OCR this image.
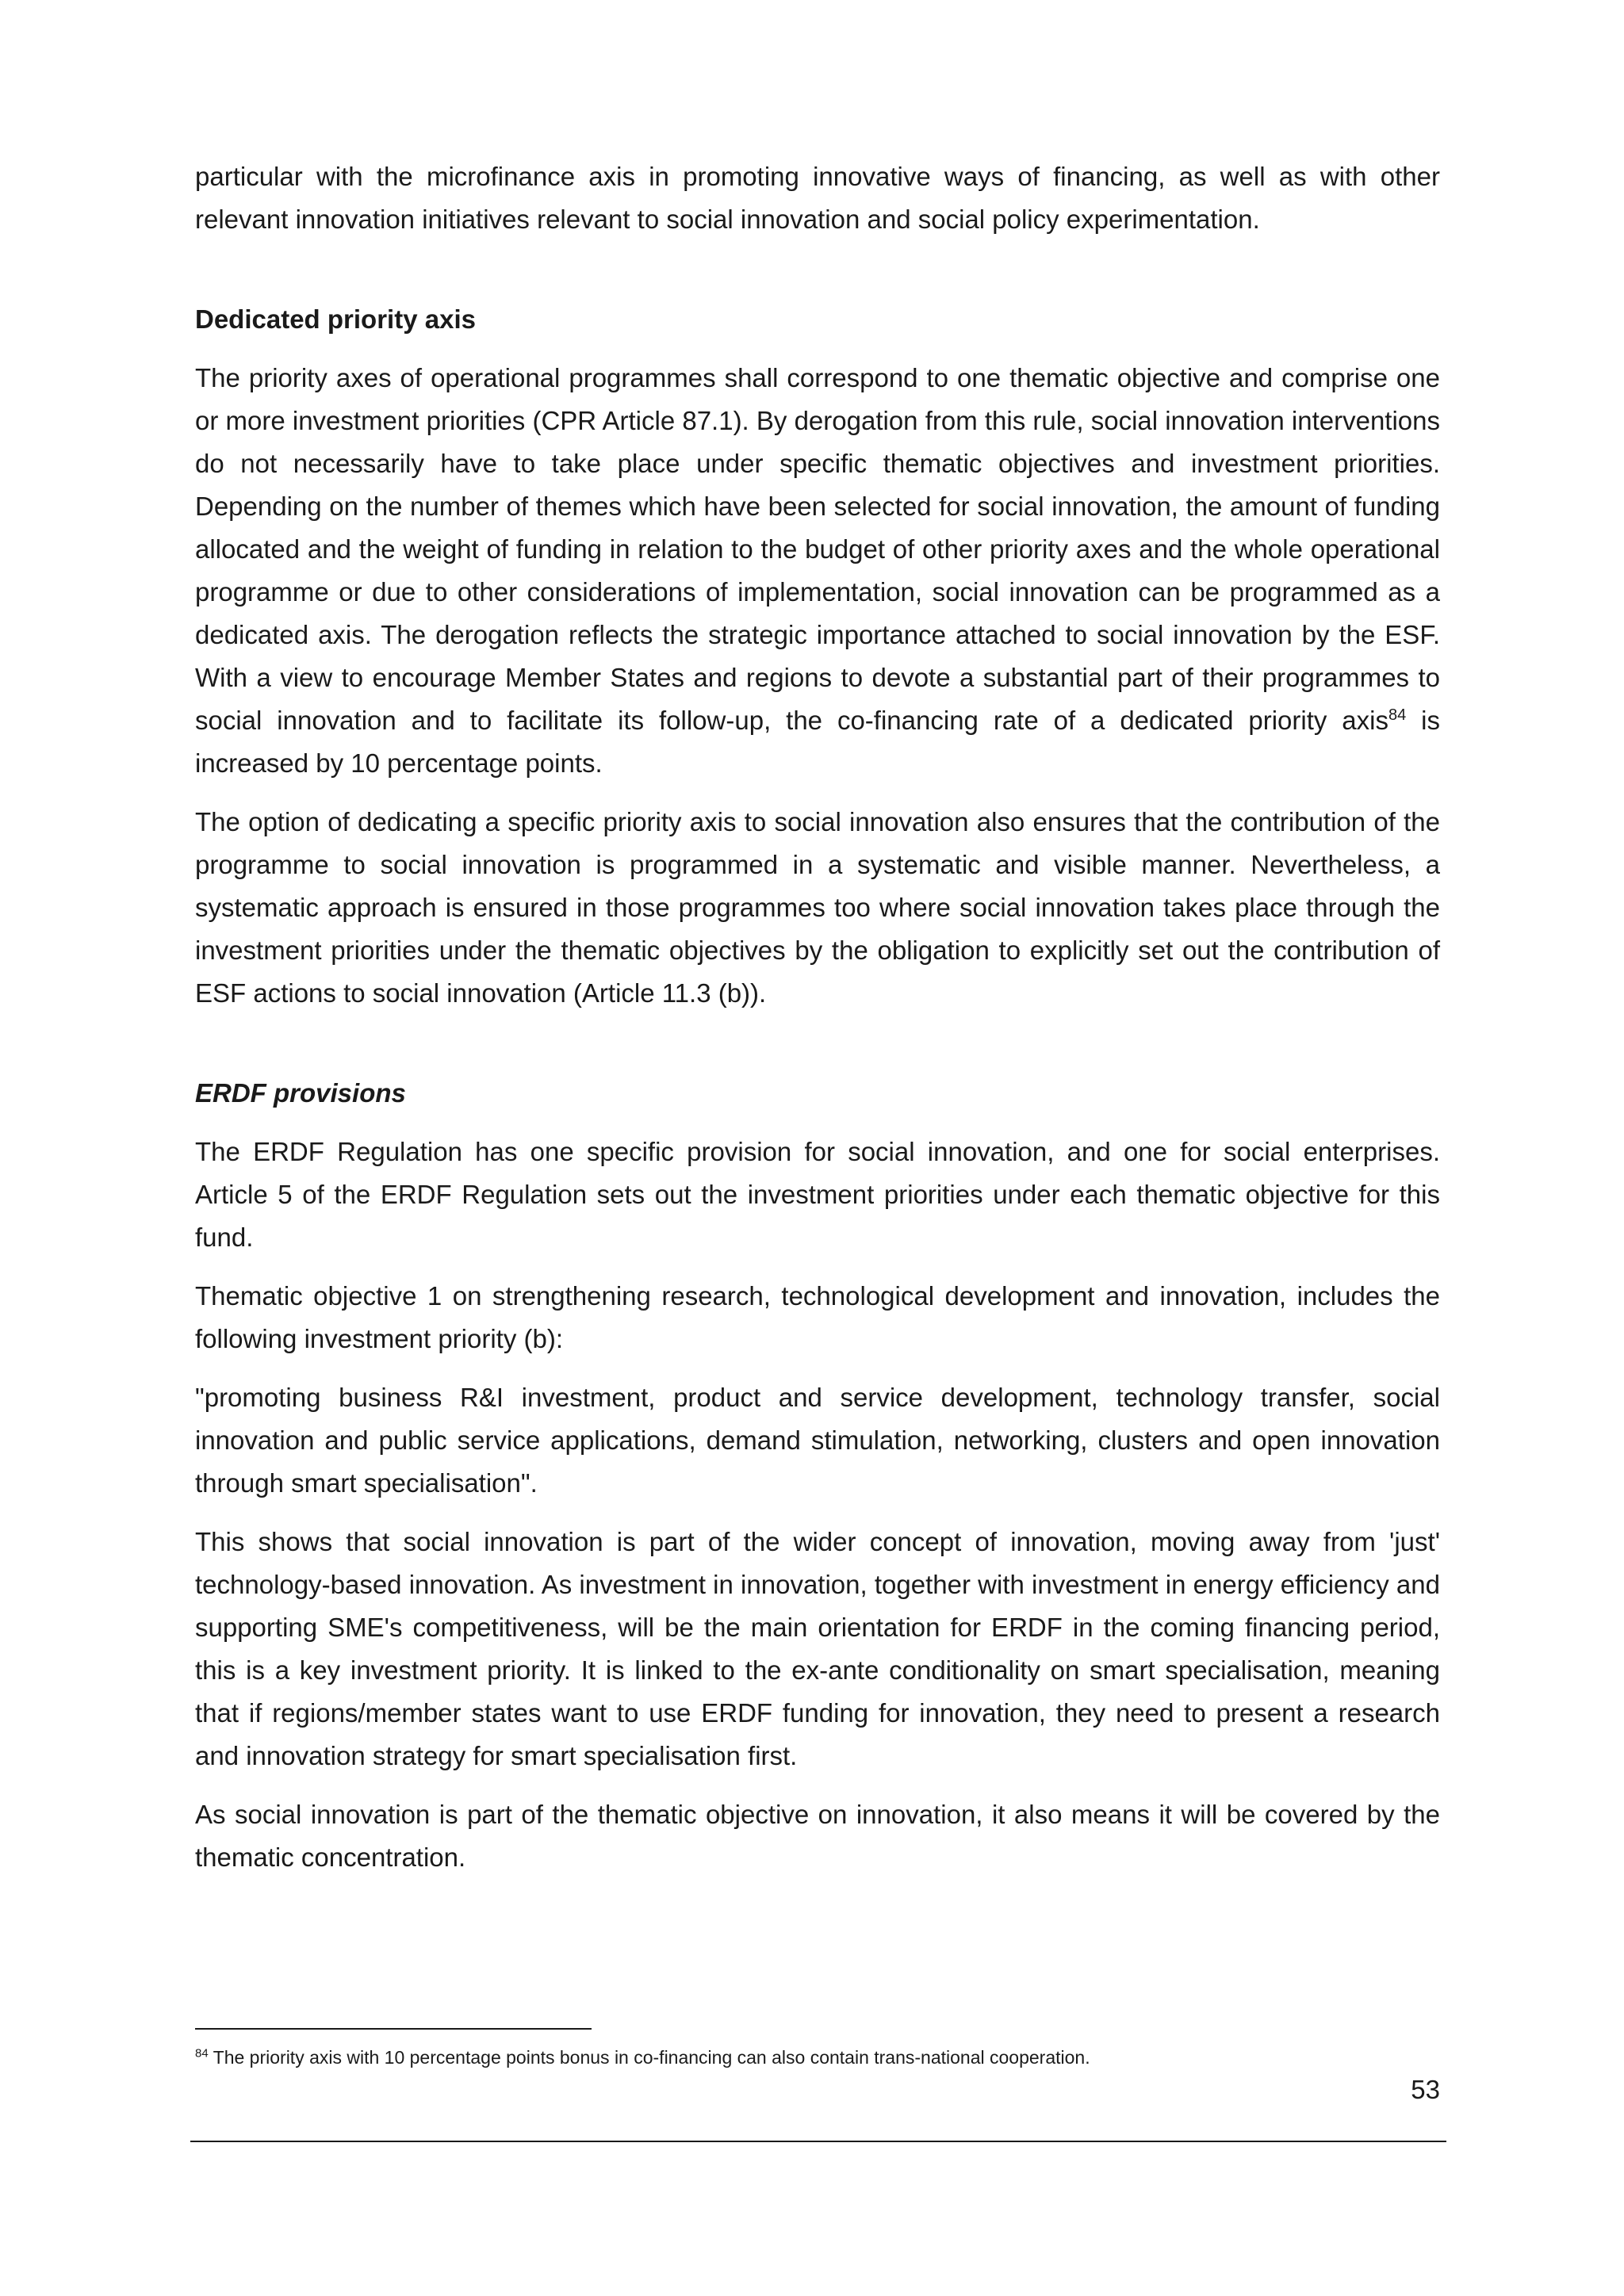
particular with the microfinance axis in promoting innovative ways of financing, as well as with other relevant innovation initiatives relevant to social innovation and social policy experimentation.

Dedicated priority axis

The priority axes of operational programmes shall correspond to one thematic objective and comprise one or more investment priorities (CPR Article 87.1). By derogation from this rule, social innovation interventions do not necessarily have to take place under specific thematic objectives and investment priorities. Depending on the number of themes which have been selected for social innovation, the amount of funding allocated and the weight of funding in relation to the budget of other priority axes and the whole operational programme or due to other considerations of implementation, social innovation can be programmed as a dedicated axis. The derogation reflects the strategic importance attached to social innovation by the ESF. With a view to encourage Member States and regions to devote a substantial part of their programmes to social innovation and to facilitate its follow-up, the co-financing rate of a dedicated priority axis$^{84}$ is increased by 10 percentage points.

The option of dedicating a specific priority axis to social innovation also ensures that the contribution of the programme to social innovation is programmed in a systematic and visible manner. Nevertheless, a systematic approach is ensured in those programmes too where social innovation takes place through the investment priorities under the thematic objectives by the obligation to explicitly set out the contribution of ESF actions to social innovation (Article 11.3 (b)).

ERDF provisions

The ERDF Regulation has one specific provision for social innovation, and one for social enterprises. Article 5 of the ERDF Regulation sets out the investment priorities under each thematic objective for this fund.

Thematic objective 1 on strengthening research, technological development and innovation, includes the following investment priority (b):

"promoting business R&I investment, product and service development, technology transfer, social innovation and public service applications, demand stimulation, networking, clusters and open innovation through smart specialisation".

This shows that social innovation is part of the wider concept of innovation, moving away from 'just' technology-based innovation. As investment in innovation, together with investment in energy efficiency and supporting SME's competitiveness, will be the main orientation for ERDF in the coming financing period, this is a key investment priority. It is linked to the ex-ante conditionality on smart specialisation, meaning that if regions/member states want to use ERDF funding for innovation, they need to present a research and innovation strategy for smart specialisation first.

As social innovation is part of the thematic objective on innovation, it also means it will be covered by the thematic concentration.

$^{84}$ The priority axis with 10 percentage points bonus in co-financing can also contain trans-national cooperation.
53
